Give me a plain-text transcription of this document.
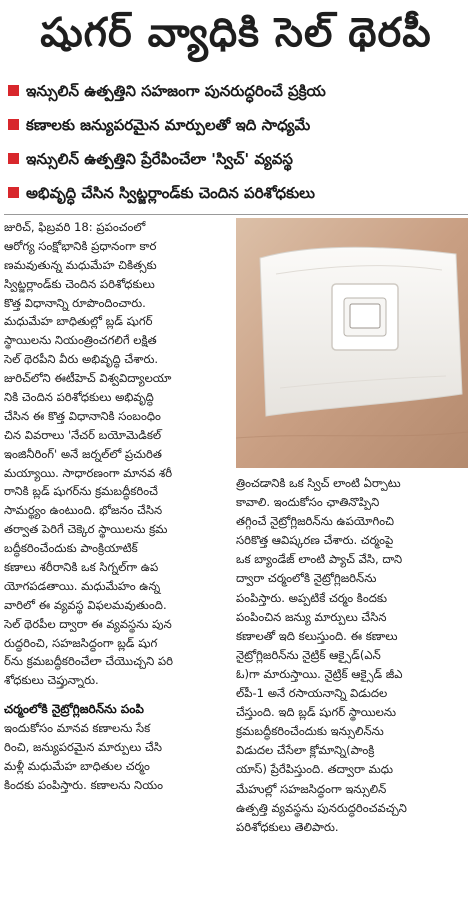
షుగర్ వ్యాధికి సెల్ థెరపీ
ఇన్సులిన్ ఉత్పత్తిని సహజంగా పునరుద్ధరించే ప్రక్రియ
కణాలకు జన్యుపరమైన మార్పులతో ఇది సాధ్యమే
ఇన్సులిన్ ఉత్పత్తిని ప్రేరేపించేలా 'స్విచ్' వ్యవస్థ
అభివృద్ధి చేసిన స్విట్జర్లాండ్‌కు చెందిన పరిశోధకులు
జురిచ్, ఫిబ్రవరి 18: ప్రపంచంలో
ఆరోగ్య సంక్షోభానికి ప్రధానంగా కార
ణమవుతున్న మధుమేహ చికిత్సకు
స్విట్జర్లాండ్‌కు చెందిన పరిశోధకులు
కొత్త విధానాన్ని రూపొందించారు.
మధుమేహ బాధితుల్లో బ్లడ్ షుగర్
స్థాయిలను నియంత్రించగలిగే లక్షిత
సెల్ థెరపీని వీరు అభివృద్ధి చేశారు.
జురిచ్‌లోని ఈటీహెచ్ విశ్వవిద్యాలయా
నికి చెందిన పరిశోధకులు అభివృద్ధి
చేసిన ఈ కొత్త విధానానికి సంబంధిం
చిన వివరాలు 'నేచర్ బయోమెడికల్
ఇంజినీరింగ్' అనే జర్నల్‌లో ప్రచురిత
మయ్యాయి. సాధారణంగా మానవ శరీ
రానికి బ్లడ్ షుగర్‌ను క్రమబద్ధీకరించే
సామర్థ్యం ఉంటుంది. భోజనం చేసిన
తర్వాత పెరిగే చెక్కెర స్థాయిలను క్రమ
బద్ధీకరించేందుకు పాంక్రియాటిక్
కణాలు శరీరానికి ఒక సిగ్నల్‌గా ఉప
యోగపడతాయి. మధుమేహం ఉన్న
వారిలో ఈ వ్యవస్థ విఫలమవుతుంది.
సెల్ థెరపీల ద్వారా ఈ వ్యవస్థను పున
రుద్ధరించి, సహజసిద్ధంగా బ్లడ్ షుగ
ర్‌ను క్రమబద్ధీకరించేలా చేయొచ్చని పరి
శోధకులు చెప్తున్నారు.
చర్మంలోకి నైట్రోగ్లిజరిన్‌ను పంపి
ఇందుకోసం మానవ కణాలను సేక
రించి, జన్యుపరమైన మార్పులు చేసి
మళ్లీ మధుమేహ బాధితుల చర్మం
కిందకు పంపిస్తారు. కణాలను నియం
త్రించడానికి ఒక స్విచ్ లాంటి ఏర్పాటు
కావాలి. ఇందుకోసం ఛాతినొప్పిని
తగ్గించే నైట్రోగ్లిజరిన్‌ను ఉపయోగించి
సరికొత్త ఆవిష్కరణ చేశారు. చర్మంపై
ఒక బ్యాండేజ్ లాంటి ప్యాచ్ వేసి, దాని
ద్వారా చర్మంలోకి నైట్రోగ్లిజరిన్‌ను
పంపిస్తారు. అప్పటికే చర్మం కిందకు
పంపించిన జన్యు మార్పులు చేసిన
కణాలతో ఇది కలుస్తుంది. ఈ కణాలు
నైట్రోగ్లిజరిన్‌ను నైట్రిక్ ఆక్సైడ్(ఎన్
ఓ)గా మారుస్తాయి. నైట్రిక్ ఆక్సైడ్ జీఎ
ల్‌పీ-1 అనే రసాయనాన్ని విడుదల
చేస్తుంది. ఇది బ్లడ్ షుగర్ స్థాయిలను
క్రమబద్ధీకరించేందుకు ఇన్సులిన్‌ను
విడుదల చేసేలా క్లోమాన్ని(పాంక్రి
యాస్) ప్రేరేపిస్తుంది. తద్వారా మధు
మేహుల్లో సహజసిద్ధంగా ఇన్సులిన్
ఉత్పత్తి వ్యవస్థను పునరుద్ధరించవచ్చని
పరిశోధకులు తెలిపారు.
